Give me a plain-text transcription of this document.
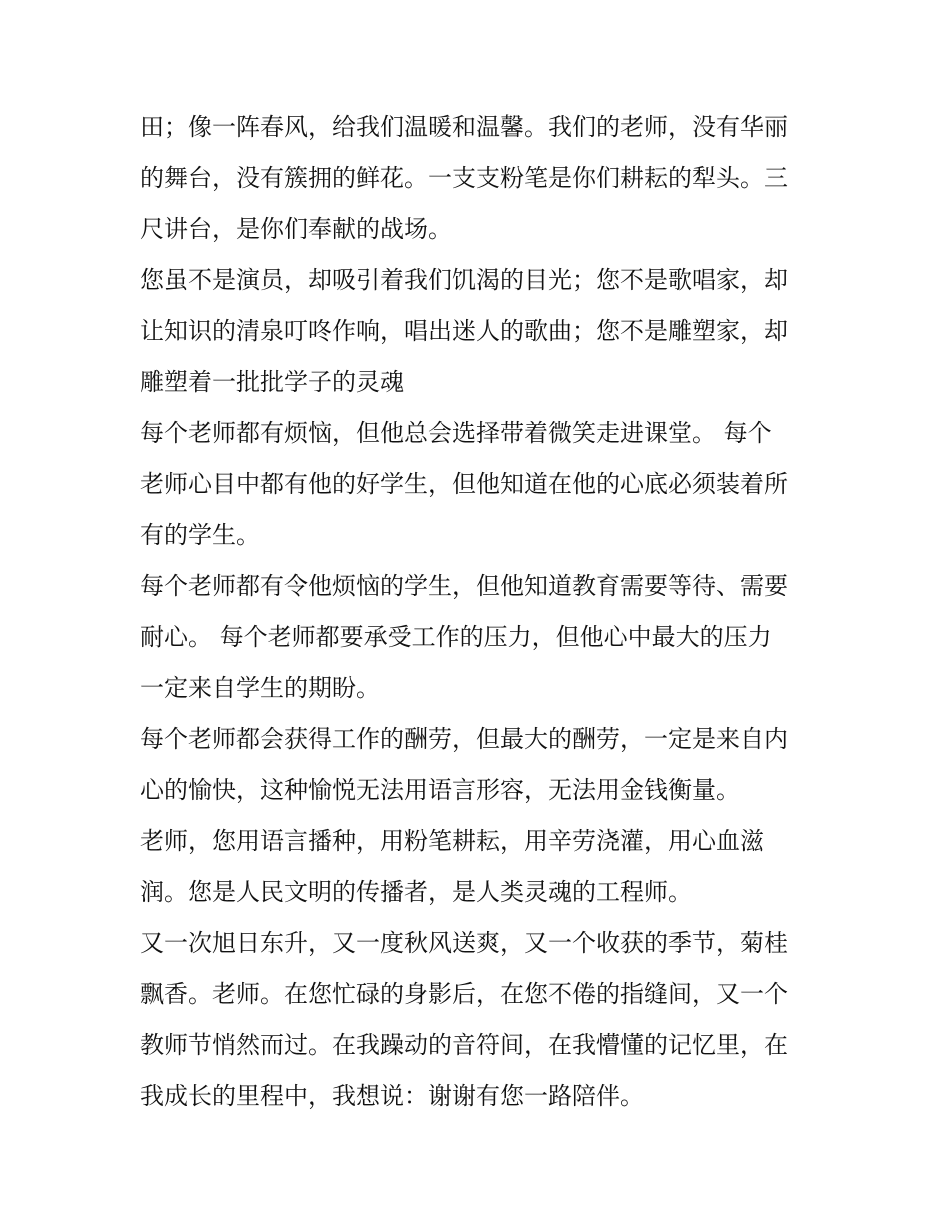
田；像一阵春风，给我们温暖和温馨。我们的老师，没有华丽
的舞台，没有簇拥的鲜花。一支支粉笔是你们耕耘的犁头。三
尺讲台，是你们奉献的战场。

您虽不是演员，却吸引着我们饥渴的目光；您不是歌唱家，却
让知识的清泉叮咚作响，唱出迷人的歌曲；您不是雕塑家，却
雕塑着一批批学子的灵魂

每个老师都有烦恼，但他总会选择带着微笑走进课堂。 每个
老师心目中都有他的好学生，但他知道在他的心底必须装着所
有的学生。

每个老师都有令他烦恼的学生，但他知道教育需要等待、需要
耐心。 每个老师都要承受工作的压力，但他心中最大的压力
一定来自学生的期盼。

每个老师都会获得工作的酬劳，但最大的酬劳，一定是来自内
心的愉快，这种愉悦无法用语言形容，无法用金钱衡量。

老师，您用语言播种，用粉笔耕耘，用辛劳浇灌，用心血滋
润。您是人民文明的传播者，是人类灵魂的工程师。

又一次旭日东升，又一度秋风送爽，又一个收获的季节，菊桂
飘香。老师。在您忙碌的身影后，在您不倦的指缝间，又一个
教师节悄然而过。在我躁动的音符间，在我懵懂的记忆里，在
我成长的里程中，我想说：谢谢有您一路陪伴。
